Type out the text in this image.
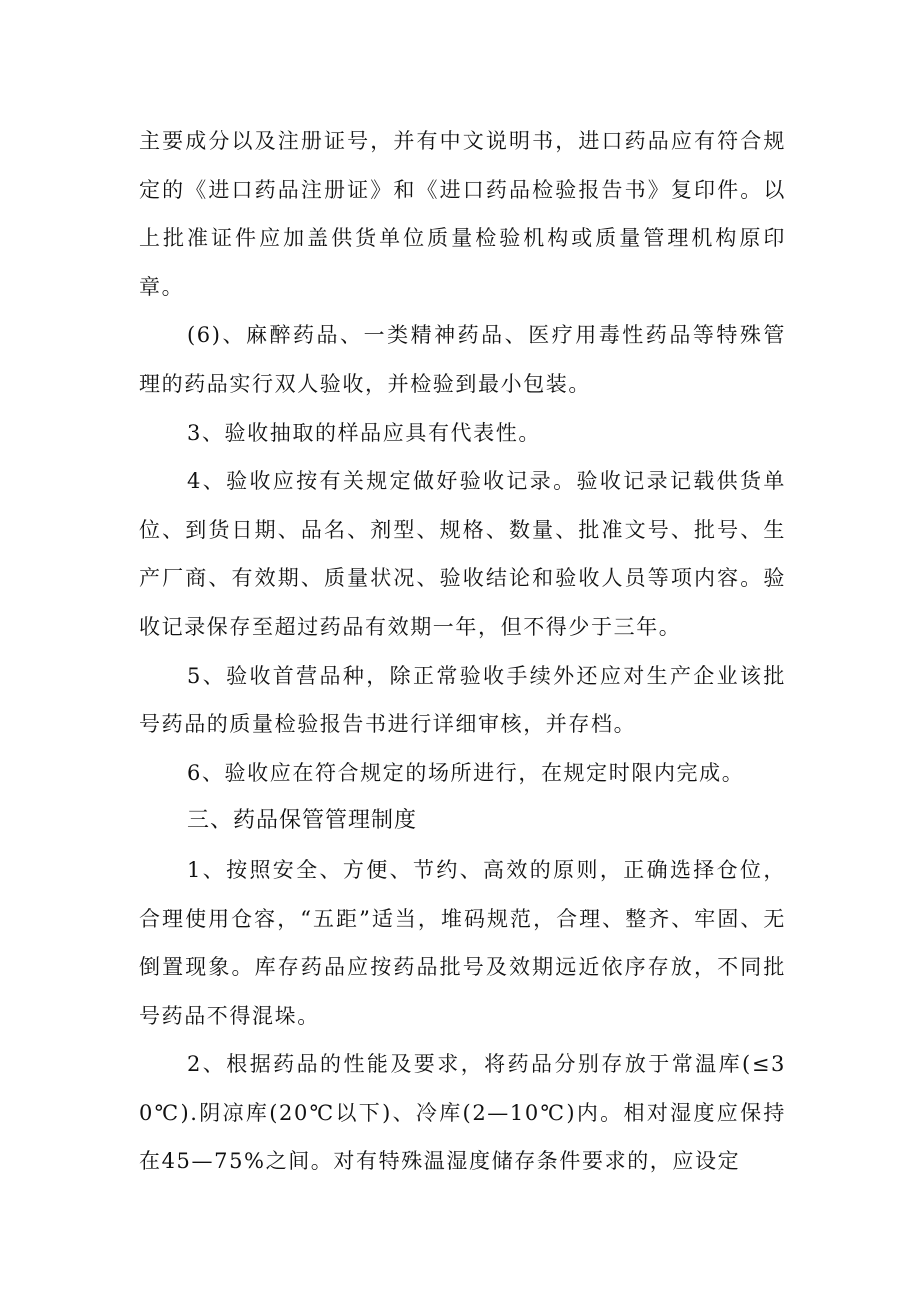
主要成分以及注册证号，并有中文说明书，进口药品应有符合规定的《进口药品注册证》和《进口药品检验报告书》复印件。以上批准证件应加盖供货单位质量检验机构或质量管理机构原印章。

(6)、麻醉药品、一类精神药品、医疗用毒性药品等特殊管理的药品实行双人验收，并检验到最小包装。

3、验收抽取的样品应具有代表性。

4、验收应按有关规定做好验收记录。验收记录记载供货单位、到货日期、品名、剂型、规格、数量、批准文号、批号、生产厂商、有效期、质量状况、验收结论和验收人员等项内容。验收记录保存至超过药品有效期一年，但不得少于三年。

5、验收首营品种，除正常验收手续外还应对生产企业该批号药品的质量检验报告书进行详细审核，并存档。

6、验收应在符合规定的场所进行，在规定时限内完成。

三、药品保管管理制度

1、按照安全、方便、节约、高效的原则，正确选择仓位，合理使用仓容，“五距”适当，堆码规范，合理、整齐、牢固、无倒置现象。库存药品应按药品批号及效期远近依序存放，不同批号药品不得混垛。

2、根据药品的性能及要求，将药品分别存放于常温库(≤30℃).阴凉库(20℃以下)、冷库(2—10℃)内。相对湿度应保持在45—75%之间。对有特殊温湿度储存条件要求的，应设定
